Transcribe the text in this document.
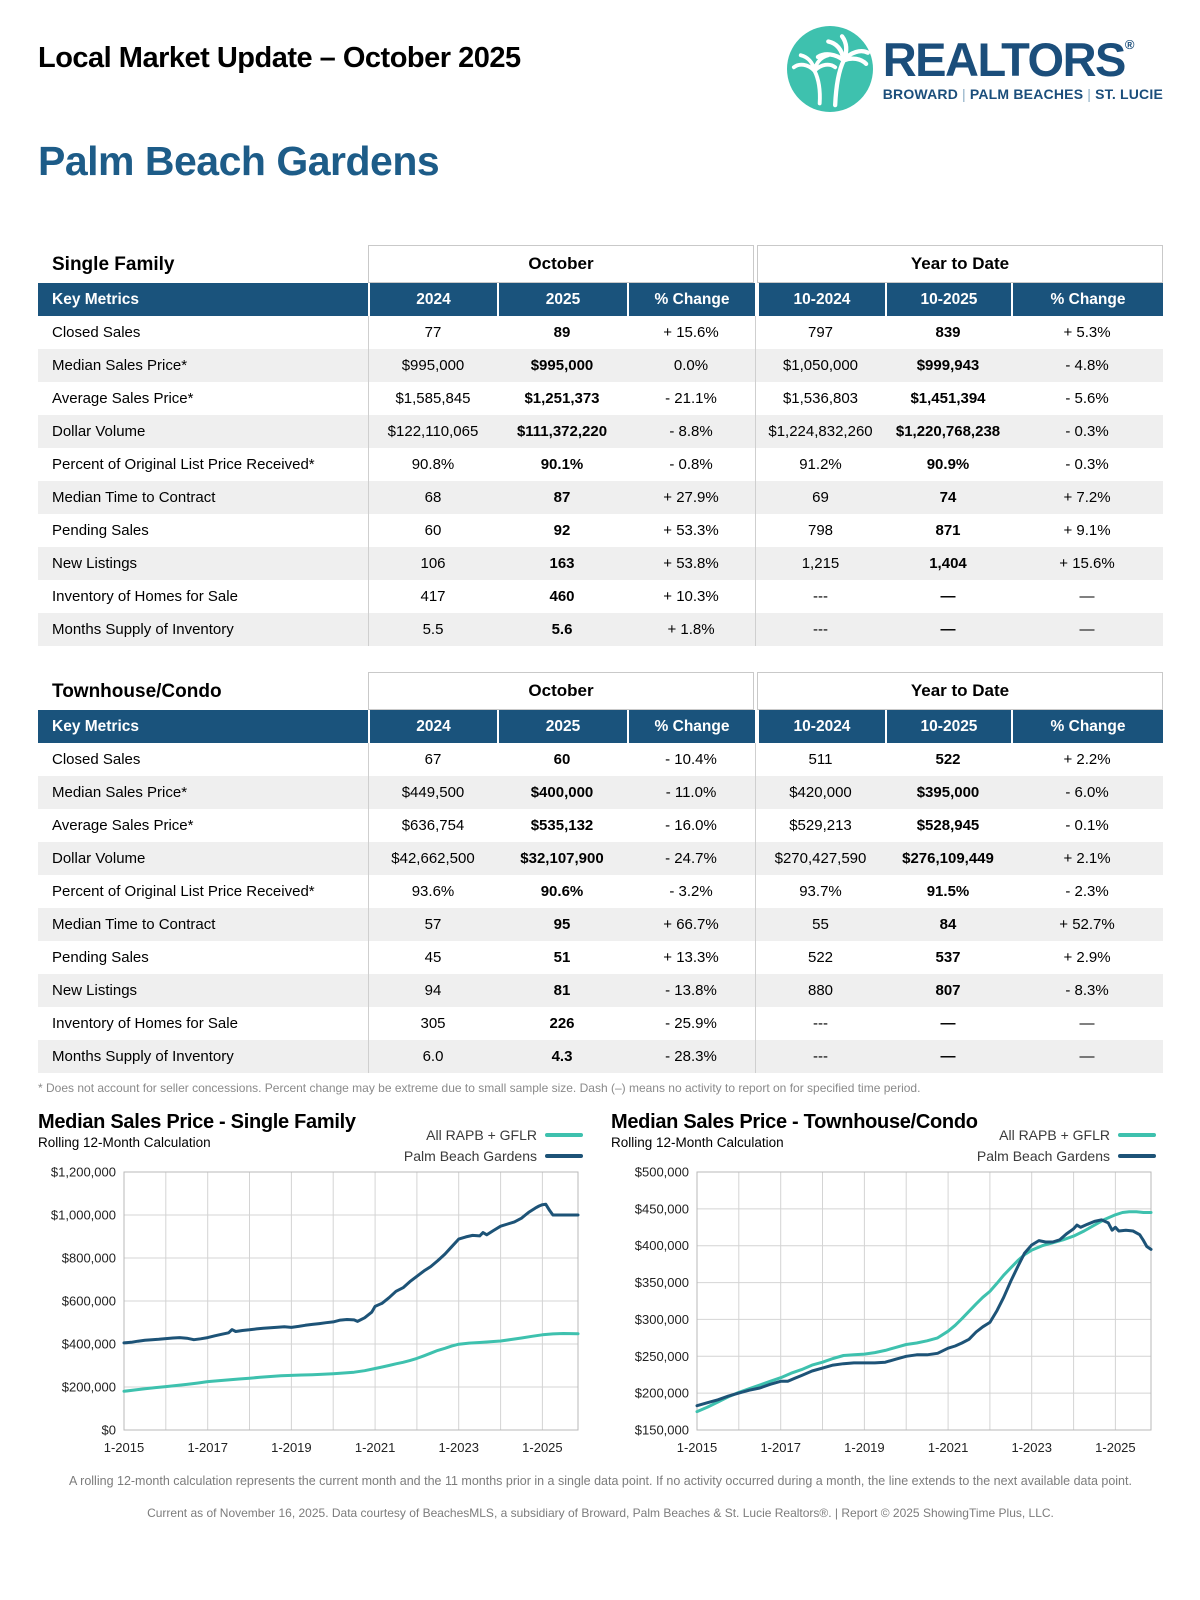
Local Market Update – October 2025	REALTORS®
BROWARD | PALM BEACHES | ST. LUCIE
Palm Beach Gardens
Single Family	October	Year to Date
Key Metrics	2024	2025	% Change	10-2024	10-2025	% Change
Closed Sales	77	89	+ 15.6%	797	839	+ 5.3%
Median Sales Price*	$995,000	$995,000	0.0%	$1,050,000	$999,943	- 4.8%
Average Sales Price*	$1,585,845	$1,251,373	- 21.1%	$1,536,803	$1,451,394	- 5.6%
Dollar Volume	$122,110,065	$111,372,220	- 8.8%	$1,224,832,260	$1,220,768,238	- 0.3%
Percent of Original List Price Received*	90.8%	90.1%	- 0.8%	91.2%	90.9%	- 0.3%
Median Time to Contract	68	87	+ 27.9%	69	74	+ 7.2%
Pending Sales	60	92	+ 53.3%	798	871	+ 9.1%
New Listings	106	163	+ 53.8%	1,215	1,404	+ 15.6%
Inventory of Homes for Sale	417	460	+ 10.3%	---	—	—
Months Supply of Inventory	5.5	5.6	+ 1.8%	---	—	—
Townhouse/Condo	October	Year to Date
Key Metrics	2024	2025	% Change	10-2024	10-2025	% Change
Closed Sales	67	60	- 10.4%	511	522	+ 2.2%
Median Sales Price*	$449,500	$400,000	- 11.0%	$420,000	$395,000	- 6.0%
Average Sales Price*	$636,754	$535,132	- 16.0%	$529,213	$528,945	- 0.1%
Dollar Volume	$42,662,500	$32,107,900	- 24.7%	$270,427,590	$276,109,449	+ 2.1%
Percent of Original List Price Received*	93.6%	90.6%	- 3.2%	93.7%	91.5%	- 2.3%
Median Time to Contract	57	95	+ 66.7%	55	84	+ 52.7%
Pending Sales	45	51	+ 13.3%	522	537	+ 2.9%
New Listings	94	81	- 13.8%	880	807	- 8.3%
Inventory of Homes for Sale	305	226	- 25.9%	---	—	—
Months Supply of Inventory	6.0	4.3	- 28.3%	---	—	—
* Does not account for seller concessions. Percent change may be extreme due to small sample size. Dash (–) means no activity to report on for specified time period.
Median Sales Price - Single Family
Rolling 12-Month Calculation	All RAPB + GFLR
Palm Beach Gardens
$0
$200,000
$400,000
$600,000
$800,000
$1,000,000
$1,200,000
1-2015	1-2017	1-2019	1-2021	1-2023	1-2025
Median Sales Price - Townhouse/Condo
Rolling 12-Month Calculation	All RAPB + GFLR
Palm Beach Gardens
$150,000
$200,000
$250,000
$300,000
$350,000
$400,000
$450,000
$500,000
1-2015	1-2017	1-2019	1-2021	1-2023	1-2025
A rolling 12-month calculation represents the current month and the 11 months prior in a single data point. If no activity occurred during a month, the line extends to the next available data point.
Current as of November 16, 2025. Data courtesy of BeachesMLS, a subsidiary of Broward, Palm Beaches & St. Lucie Realtors®. | Report © 2025 ShowingTime Plus, LLC.
